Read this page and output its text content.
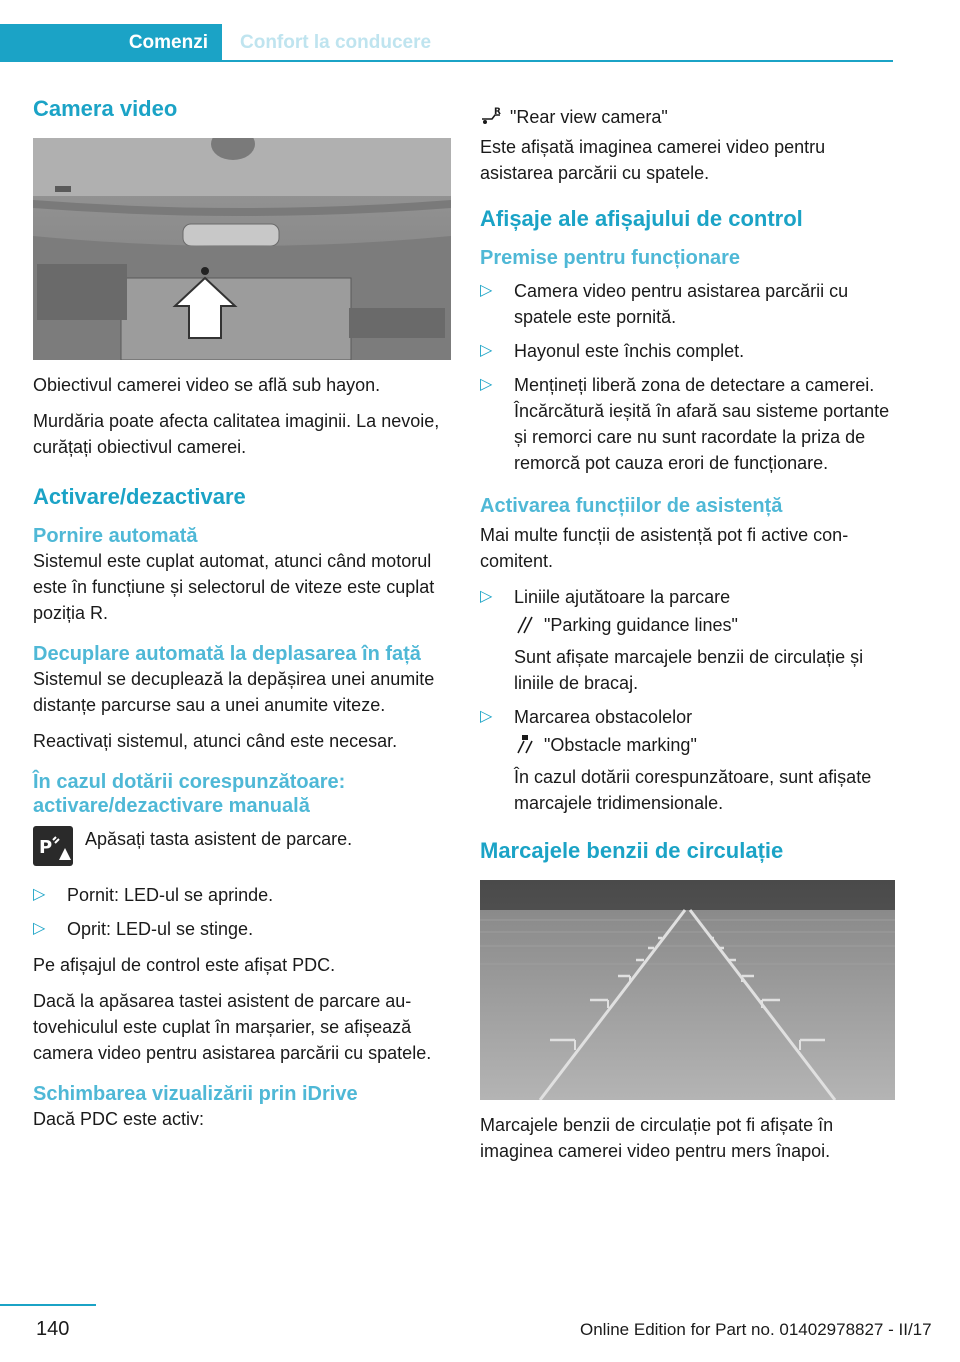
Comenzi Confort la conducere
Camera video

Obiectivul camerei video se află sub hayon.

Murdăria poate afecta calitatea imaginii. La nevoie, curățați obiectivul camerei.

Activare/dezactivare
Pornire automată

Sistemul este cuplat automat, atunci când motorul este în funcțiune și selectorul de viteze este cuplat poziția R.

Decuplare automată la deplasarea în față

Sistemul se decuplează la depășirea unei anumite distanțe parcurse sau a unei anumite viteze.

Reactivați sistemul, atunci când este necesar.

În cazul dotării corespunzătoare: activare/dezactivare manuală
P Apăsați tasta asistent de parcare.
▷ Pornit: LED-ul se aprinde.
▷ Oprit: LED-ul se stinge.

Pe afișajul de control este afișat PDC.

Dacă la apăsarea tastei asistent de parcare autovehiculul este cuplat în marșarier, se afișează camera video pentru asistarea parcării cu spatele.

Schimbarea vizualizării prin iDrive

Dacă PDC este activ:

R "Rear view camera"

Este afișată imaginea camerei video pentru asistarea parcării cu spatele.

Afișaje ale afișajului de control
Premise pentru funcționare
▷ Camera video pentru asistarea parcării cu spatele este pornită.
▷ Hayonul este închis complet.
▷ Mențineți liberă zona de detectare a camerei. Încărcătură ieșită în afară sau sisteme portante și remorci care nu sunt racordate la priza de remorcă pot cauza erori de funcționare.
Activarea funcțiilor de asistență

Mai multe funcții de asistență pot fi active concomitent.

▷ Liniile ajutătoare la parcare
"Parking guidance lines"
Sunt afișate marcajele benzii de circulație și liniile de bracaj.
▷ Marcarea obstacolelor
"Obstacle marking"
În cazul dotării corespunzătoare, sunt afișate marcajele tridimensionale.
Marcajele benzii de circulație

Marcajele benzii de circulație pot fi afișate în imaginea camerei video pentru mers înapoi.

140	Online Edition for Part no. 01402978827 - II/17
